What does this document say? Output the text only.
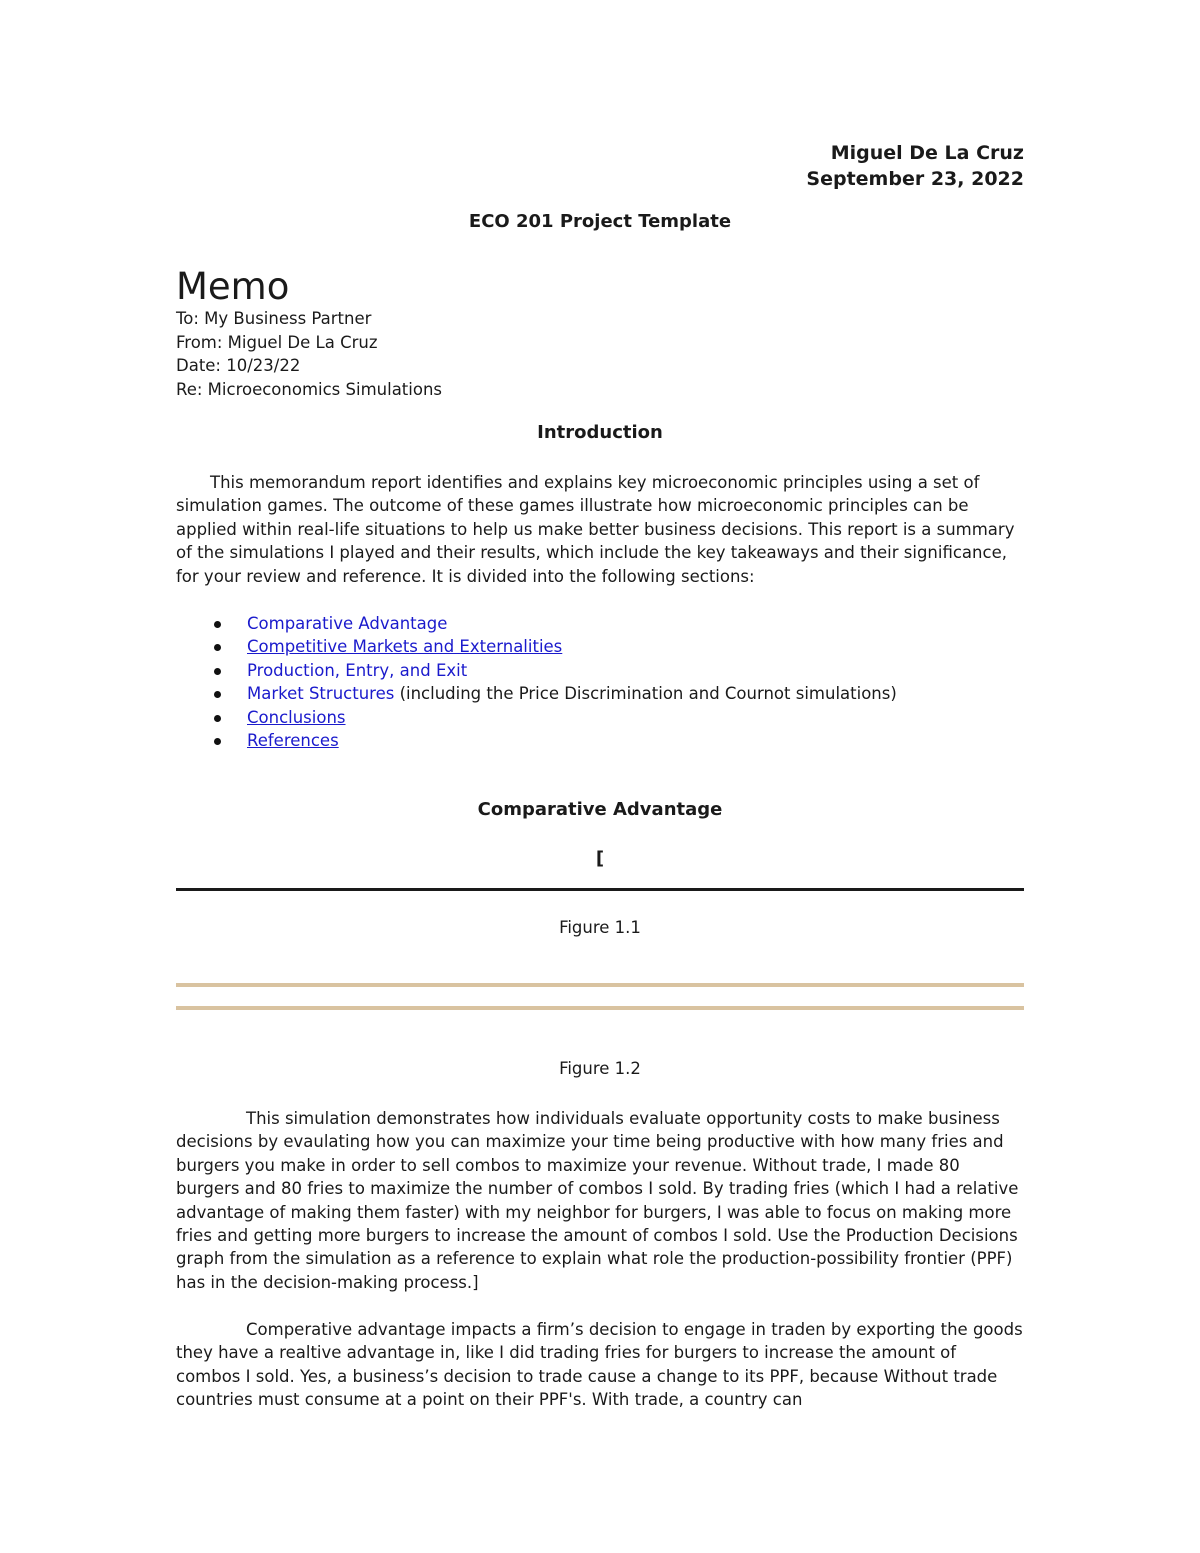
Miguel De La Cruz
September 23, 2022
ECO 201 Project Template
Memo
To: My Business Partner
From: Miguel De La Cruz
Date: 10/23/22
Re: Microeconomics Simulations
Introduction
This memorandum report identifies and explains key microeconomic principles using a set of simulation games. The outcome of these games illustrate how microeconomic principles can be applied within real-life situations to help us make better business decisions. This report is a summary of the simulations I played and their results, which include the key takeaways and their significance, for your review and reference. It is divided into the following sections:
Comparative Advantage
Competitive Markets and Externalities
Production, Entry, and Exit
Market Structures (including the Price Discrimination and Cournot simulations)
Conclusions
References
Comparative Advantage
[
Figure 1.1
Figure 1.2
This simulation demonstrates how individuals evaluate opportunity costs to make business decisions by evaulating how you can maximize your time being productive with how many fries and burgers you make in order to sell combos to maximize your revenue. Without trade, I made 80 burgers and 80 fries to maximize the number of combos I sold. By trading fries (which I had a relative advantage of making them faster) with my neighbor for burgers, I was able to focus on making more fries and getting more burgers to increase the amount of combos I sold. Use the Production Decisions graph from the simulation as a reference to explain what role the production-possibility frontier (PPF) has in the decision-making process.]
Comperative advantage impacts a firm’s decision to engage in traden by exporting the goods they have a realtive advantage in, like I did trading fries for burgers to increase the amount of combos I sold. Yes, a business’s decision to trade cause a change to its PPF, because Without trade countries must consume at a point on their PPF's. With trade, a country can
